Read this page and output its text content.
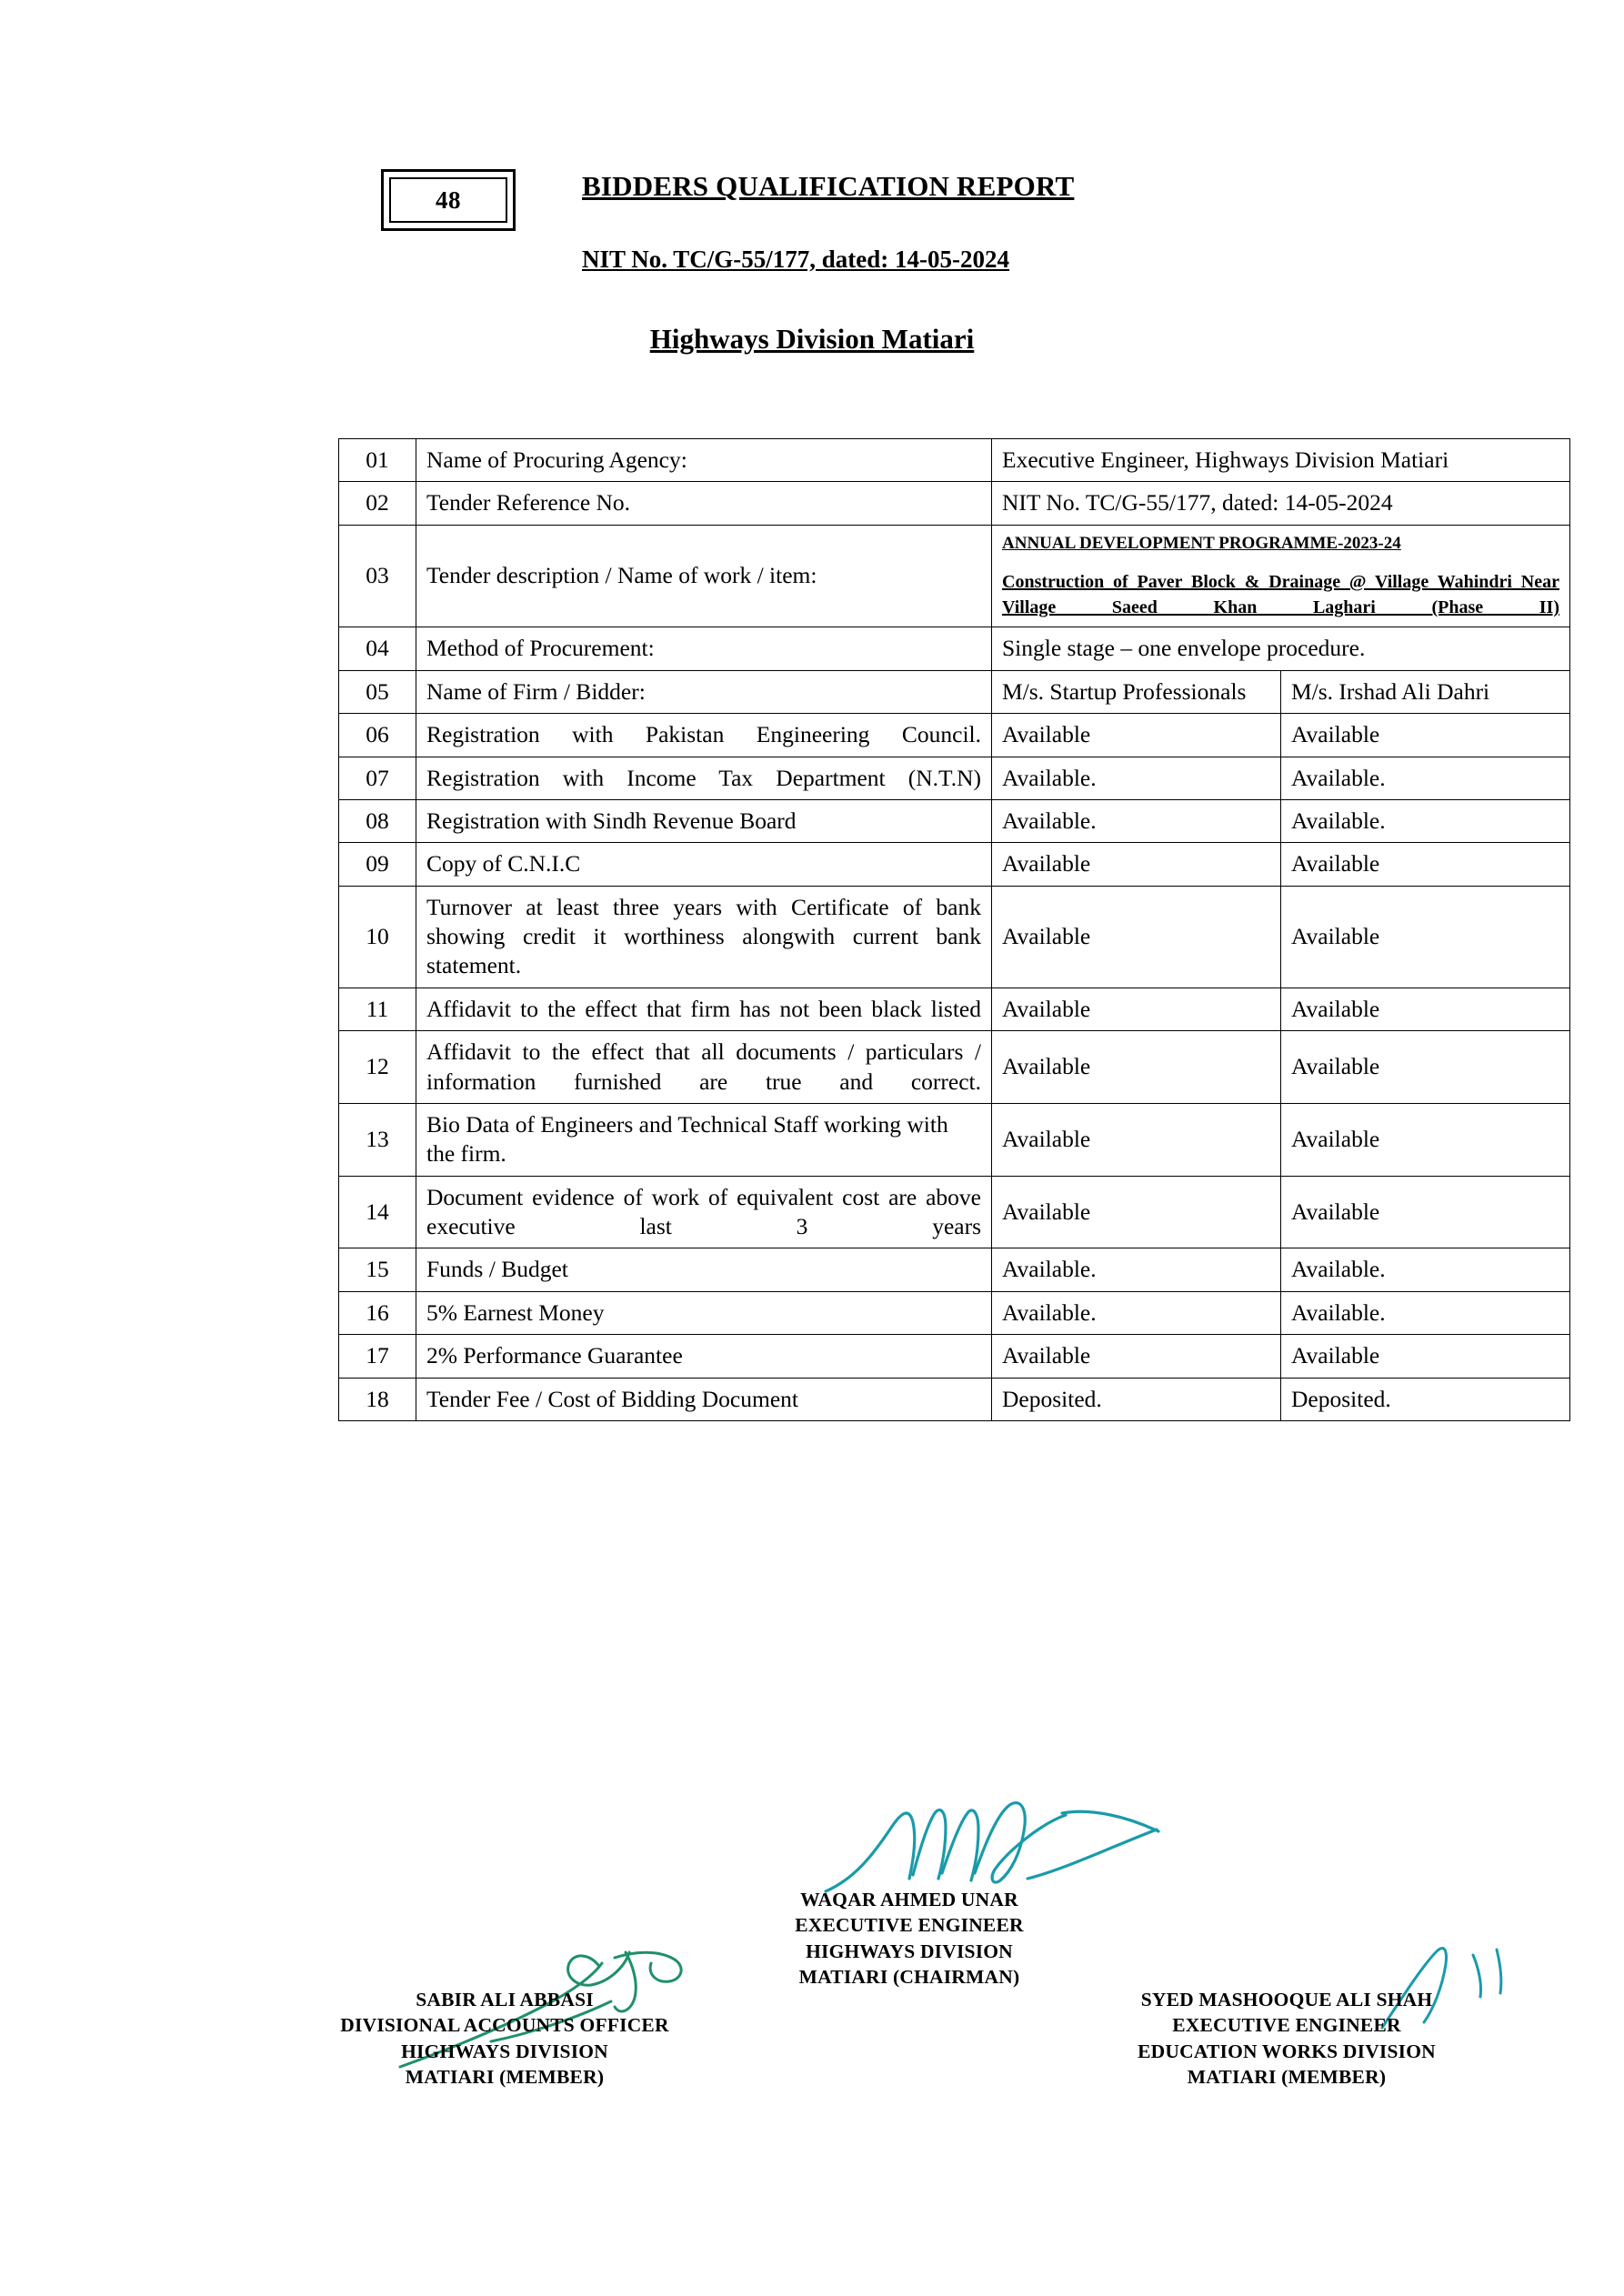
48	BIDDERS QUALIFICATION REPORT
NIT No. TC/G-55/177, dated: 14-05-2024
Highways Division Matiari
01	Name of Procuring Agency:	Executive Engineer, Highways Division Matiari	
02	Tender Reference No.	NIT No. TC/G-55/177, dated: 14-05-2024	
03	Tender description / Name of work / item:	ANNUAL DEVELOPMENT PROGRAMME-2023-24
Construction of Paver Block & Drainage @ Village Wahindri Near Village Saeed Khan Laghari (Phase II)	

04	Method of Procurement:	Single stage – one envelope procedure.	
05	Name of Firm / Bidder:	M/s. Startup Professionals	M/s. Irshad Ali Dahri
06	Registration with Pakistan Engineering Council.	Available	Available
07	Registration with Income Tax Department (N.T.N)	Available.	Available.
08	Registration with Sindh Revenue Board	Available.	Available.
09	Copy of C.N.I.C	Available	Available
10	Turnover at least three years with Certificate of bank showing credit it worthiness alongwith current bank statement.	Available	Available
11	Affidavit to the effect that firm has not been black listed	Available	Available
12	Affidavit to the effect that all documents / particulars / information furnished are true and correct.	Available	Available
13	Bio Data of Engineers and Technical Staff working with the firm.	Available	Available
14	Document evidence of work of equivalent cost are above executive last 3 years	Available	Available
15	Funds / Budget	Available.	Available.
16	5% Earnest Money	Available.	Available.
17	2% Performance Guarantee	Available	Available
18	Tender Fee / Cost of Bidding Document	Deposited.	Deposited.
WAQAR AHMED UNAR
EXECUTIVE ENGINEER
HIGHWAYS DIVISION
MATIARI (CHAIRMAN)
SABIR ALI ABBASI
DIVISIONAL ACCOUNTS OFFICER
HIGHWAYS DIVISION
MATIARI (MEMBER)
SYED MASHOOQUE ALI SHAH
EXECUTIVE ENGINEER
EDUCATION WORKS DIVISION
MATIARI (MEMBER)
